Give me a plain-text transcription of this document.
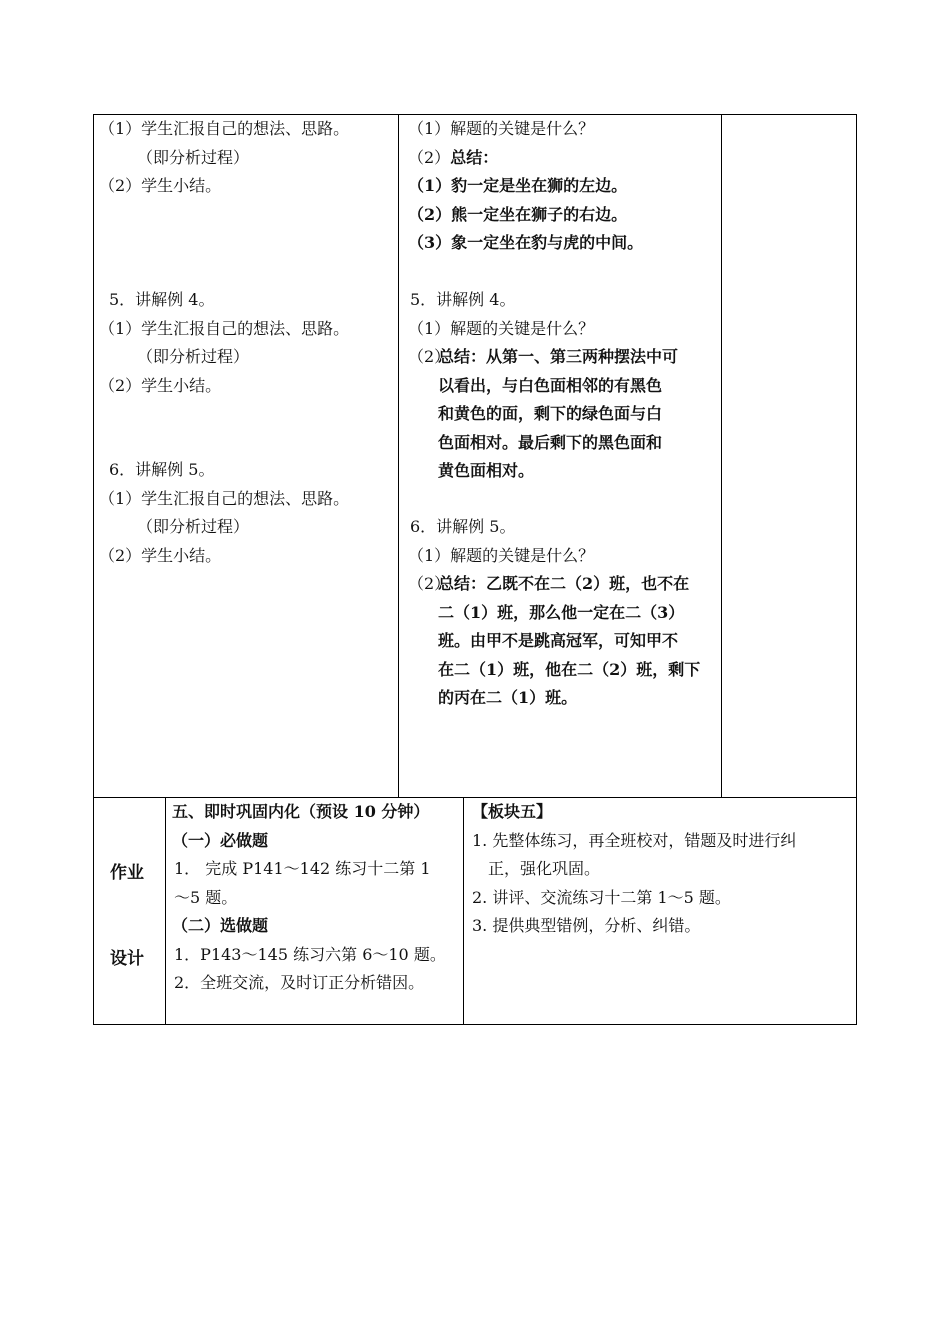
（1）学生汇报自己的想法、思路。
（即分析过程）
（2）学生小结。
5．讲解例 4。
（1）学生汇报自己的想法、思路。
（即分析过程）
（2）学生小结。
6．讲解例 5。
（1）学生汇报自己的想法、思路。
（即分析过程）
（2）学生小结。
（1）解题的关键是什么？
（2）总结：
（1）豹一定是坐在狮的左边。
（2）熊一定坐在狮子的右边。
（3）象一定坐在豹与虎的中间。
5．讲解例 4。
（1）解题的关键是什么？
（2）总结：从第一、第三两种摆法中可
以看出，与白色面相邻的有黑色
和黄色的面，剩下的绿色面与白
色面相对。最后剩下的黑色面和
黄色面相对。
6．讲解例 5。
（1）解题的关键是什么？
（2）总结：乙既不在二（2）班，也不在
二（1）班，那么他一定在二（3）
班。由甲不是跳高冠军，可知甲不
在二（1）班，他在二（2）班，剩下
的丙在二（1）班。
作业
设计
五、即时巩固内化（预设 10 分钟）
（一）必做题
1． 完成 P141～142 练习十二第 1
～5 题。
（二）选做题
1．P143～145 练习六第 6～10 题。
2．全班交流，及时订正分析错因。
【板块五】
1. 先整体练习，再全班校对，错题及时进行纠
正，强化巩固。
2. 讲评、交流练习十二第 1～5 题。
3. 提供典型错例，分析、纠错。
